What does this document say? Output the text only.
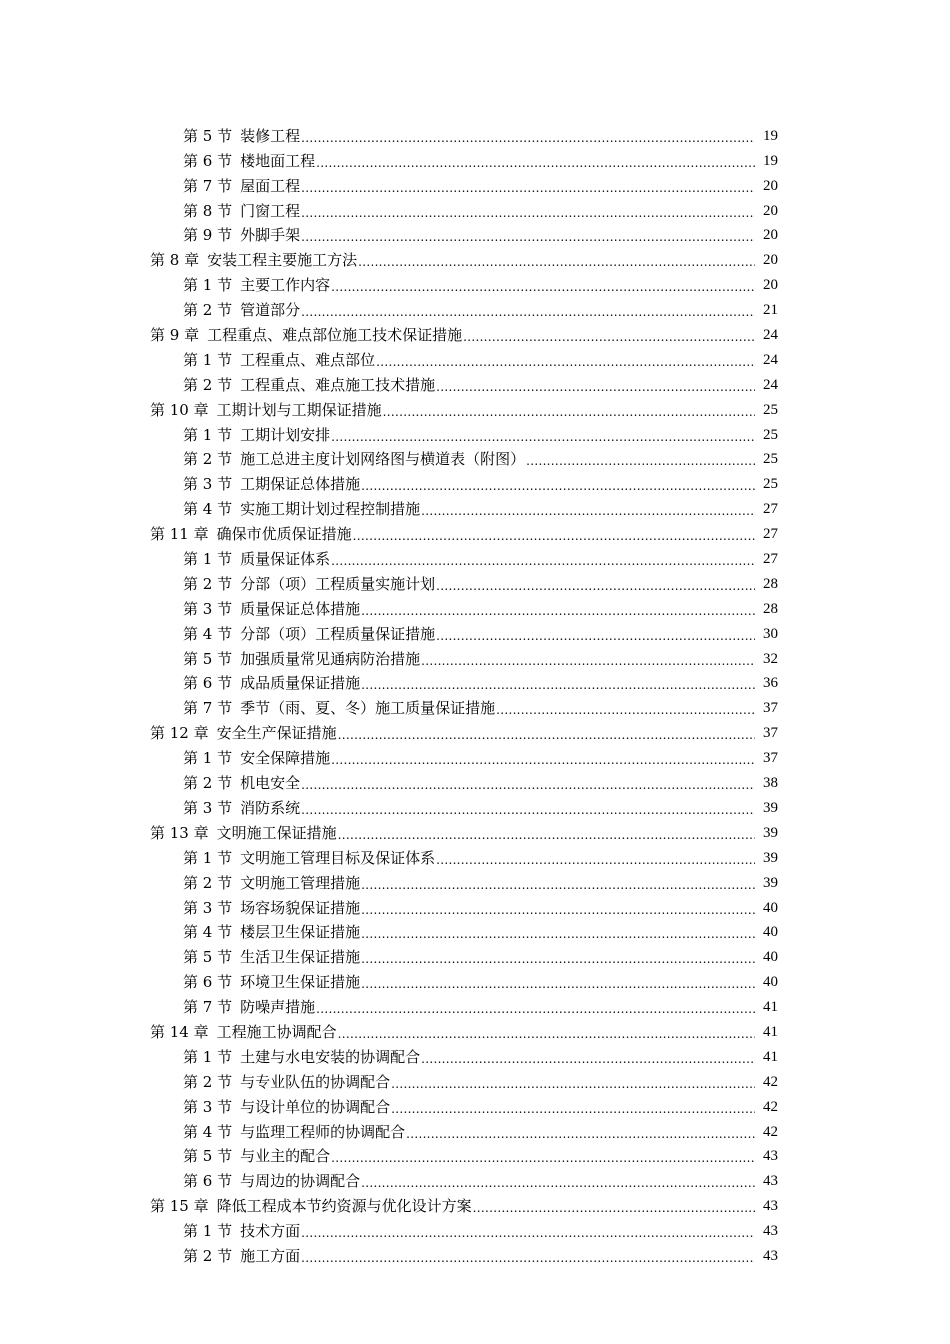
第 5 节 装修工程 .....	19
第 6 节 楼地面工程 .....	19
第 7 节 屋面工程 .....	20
第 8 节 门窗工程 .....	20
第 9 节 外脚手架 .....	20
第 8 章 安装工程主要施工方法 .....	20
第 1 节 主要工作内容 .....	20
第 2 节 管道部分 .....	21
第 9 章 工程重点、难点部位施工技术保证措施 .....	24
第 1 节 工程重点、难点部位 .....	24
第 2 节 工程重点、难点施工技术措施 .....	24
第 10 章 工期计划与工期保证措施 .....	25
第 1 节 工期计划安排 .....	25
第 2 节 施工总进主度计划网络图与横道表（附图） .....	25
第 3 节 工期保证总体措施 .....	25
第 4 节 实施工期计划过程控制措施 .....	27
第 11 章 确保市优质保证措施 .....	27
第 1 节 质量保证体系 .....	27
第 2 节 分部（项）工程质量实施计划 .....	28
第 3 节 质量保证总体措施 .....	28
第 4 节 分部（项）工程质量保证措施 .....	30
第 5 节 加强质量常见通病防治措施 .....	32
第 6 节 成品质量保证措施 .....	36
第 7 节 季节（雨、夏、冬）施工质量保证措施 .....	37
第 12 章 安全生产保证措施 .....	37
第 1 节 安全保障措施 .....	37
第 2 节 机电安全 .....	38
第 3 节 消防系统 .....	39
第 13 章 文明施工保证措施 .....	39
第 1 节 文明施工管理目标及保证体系 .....	39
第 2 节 文明施工管理措施 .....	39
第 3 节 场容场貌保证措施 .....	40
第 4 节 楼层卫生保证措施 .....	40
第 5 节 生活卫生保证措施 .....	40
第 6 节 环境卫生保证措施 .....	40
第 7 节 防噪声措施 .....	41
第 14 章 工程施工协调配合 .....	41
第 1 节 土建与水电安装的协调配合 .....	41
第 2 节 与专业队伍的协调配合 .....	42
第 3 节 与设计单位的协调配合 .....	42
第 4 节 与监理工程师的协调配合 .....	42
第 5 节 与业主的配合 .....	43
第 6 节 与周边的协调配合 .....	43
第 15 章 降低工程成本节约资源与优化设计方案 .....	43
第 1 节 技术方面 .....	43
第 2 节 施工方面 .....	43
